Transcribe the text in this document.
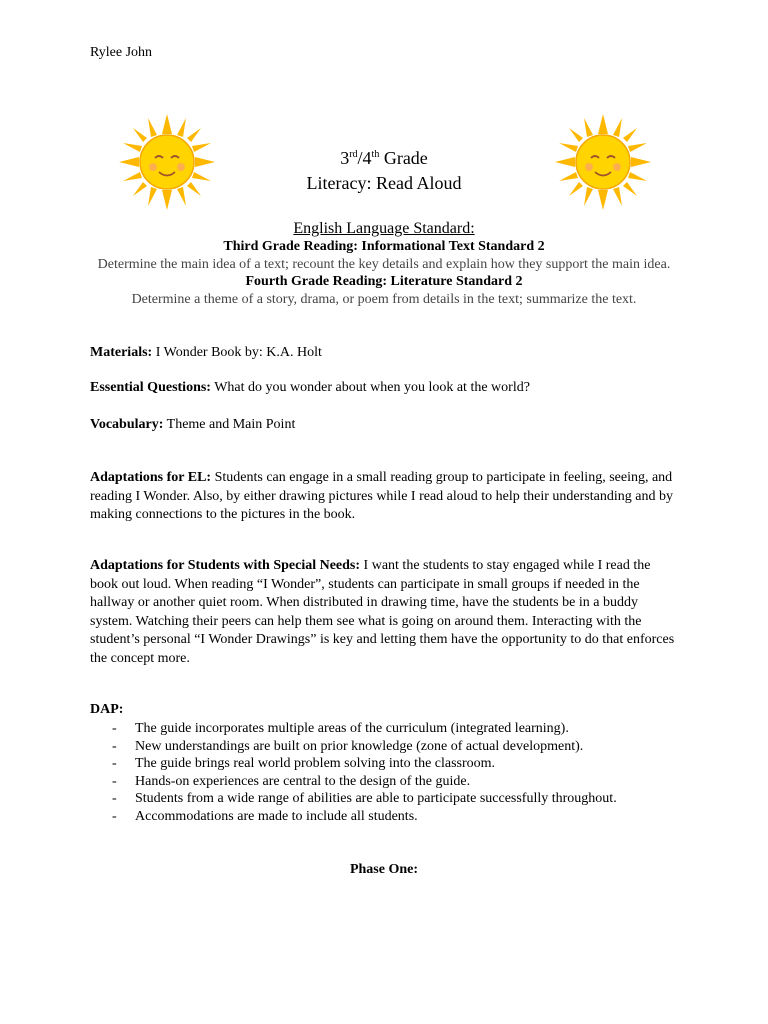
Rylee John
3rd/4th Grade
Literacy: Read Aloud
English Language Standard:
Third Grade Reading: Informational Text Standard 2
Determine the main idea of a text; recount the key details and explain how they support the main idea.
Fourth Grade Reading: Literature Standard 2
Determine a theme of a story, drama, or poem from details in the text; summarize the text.
Materials: I Wonder Book by: K.A. Holt
Essential Questions: What do you wonder about when you look at the world?
Vocabulary: Theme and Main Point
Adaptations for EL: Students can engage in a small reading group to participate in feeling, seeing, and reading I Wonder. Also, by either drawing pictures while I read aloud to help their understanding and by making connections to the pictures in the book.
Adaptations for Students with Special Needs: I want the students to stay engaged while I read the book out loud. When reading “I Wonder”, students can participate in small groups if needed in the hallway or another quiet room. When distributed in drawing time, have the students be in a buddy system. Watching their peers can help them see what is going on around them. Interacting with the student’s personal “I Wonder Drawings” is key and letting them have the opportunity to do that enforces the concept more.
DAP:
- The guide incorporates multiple areas of the curriculum (integrated learning).
- New understandings are built on prior knowledge (zone of actual development).
- The guide brings real world problem solving into the classroom.
- Hands-on experiences are central to the design of the guide.
- Students from a wide range of abilities are able to participate successfully throughout.
- Accommodations are made to include all students.
Phase One:
